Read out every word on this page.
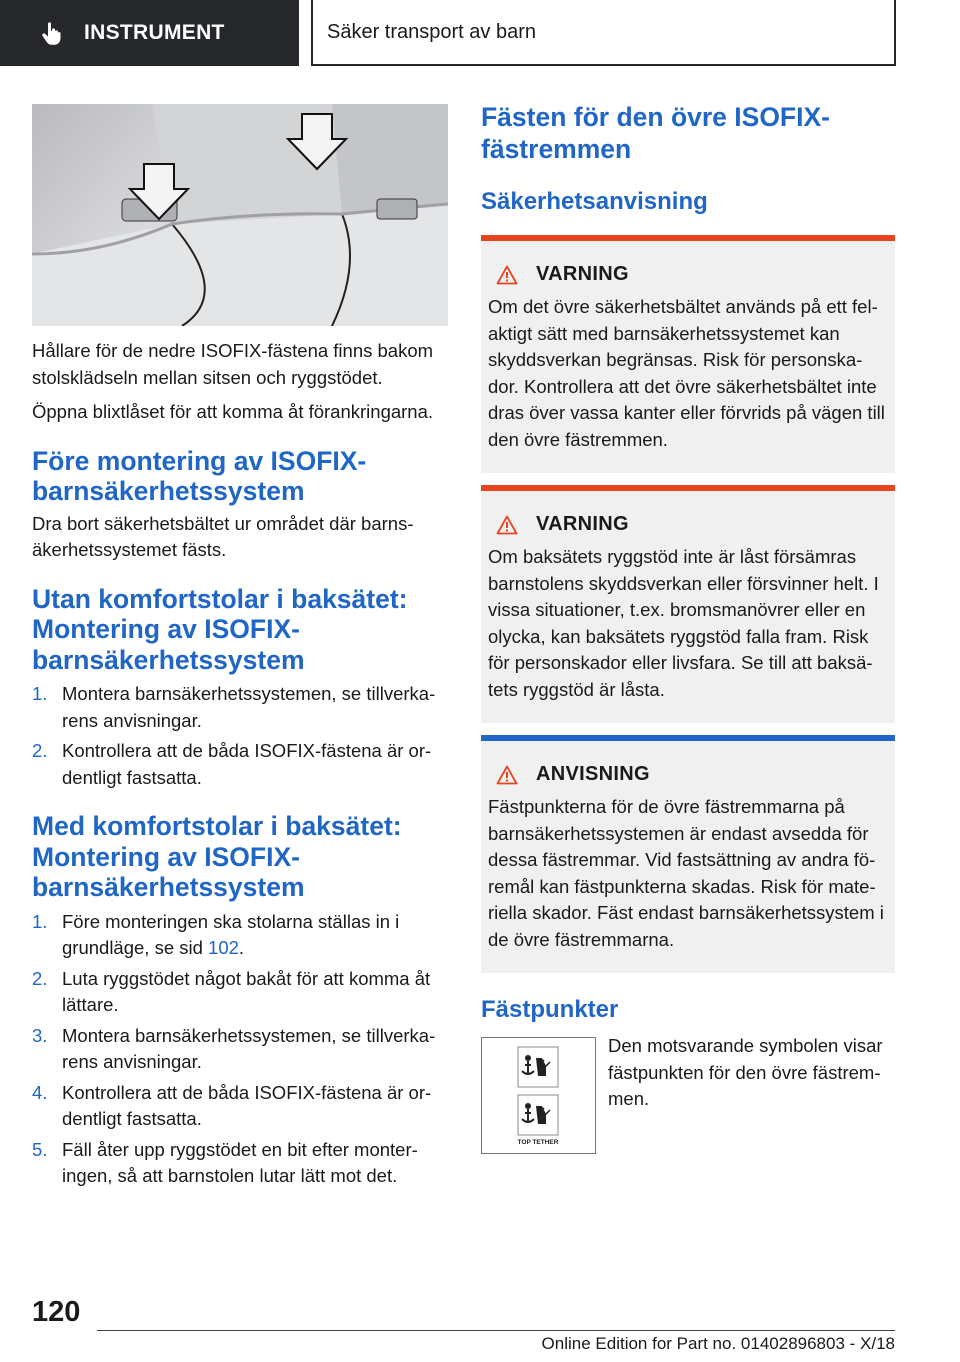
INSTRUMENT	Säker transport av barn

Hållare för de nedre ISOFIX-fästena finns bakom stolsklädseln mellan sitsen och ryggstödet.

Öppna blixtlåset för att komma åt förankringarna.

Före montering av ISOFIX-barnsäkerhetssystem

Dra bort säkerhetsbältet ur området där barns-äkerhetssystemet fästs.

Utan komfortstolar i baksätet: Montering av ISOFIX-barnsäkerhetssystem
1. Montera barnsäkerhetssystemen, se tillverka-rens anvisningar.
2. Kontrollera att de båda ISOFIX-fästena är or-dentligt fastsatta.
Med komfortstolar i baksätet: Montering av ISOFIX-barnsäkerhetssystem
1. Före monteringen ska stolarna ställas in i grundläge, se sid 102.
2. Luta ryggstödet något bakåt för att komma åt lättare.
3. Montera barnsäkerhetssystemen, se tillverka-rens anvisningar.
4. Kontrollera att de båda ISOFIX-fästena är or-dentligt fastsatta.
5. Fäll åter upp ryggstödet en bit efter monter-ingen, så att barnstolen lutar lätt mot det.
Fästen för den övre ISOFIX-fästremmen
Säkerhetsanvisning
VARNING

Om det övre säkerhetsbältet används på ett fel-aktigt sätt med barnsäkerhetssystemet kan skyddsverkan begränsas. Risk för personska-dor. Kontrollera att det övre säkerhetsbältet inte dras över vassa kanter eller förvrids på vägen till den övre fästremmen.

VARNING

Om baksätets ryggstöd inte är låst försämras barnstolens skyddsverkan eller försvinner helt. I vissa situationer, t.ex. bromsmanövrer eller en olycka, kan baksätets ryggstöd falla fram. Risk för personskador eller livsfara. Se till att baksä-tets ryggstöd är låsta.

ANVISNING

Fästpunkterna för de övre fästremmarna på barnsäkerhetssystemen är endast avsedda för dessa fästremmar. Vid fastsättning av andra fö-remål kan fästpunkterna skadas. Risk för mate-riella skador. Fäst endast barnsäkerhetssystem i de övre fästremmarna.

Fästpunkter
TOP TETHER

Den motsvarande symbolen visar fästpunkten för den övre fästrem-men.

120
Online Edition for Part no. 01402896803 - X/18
